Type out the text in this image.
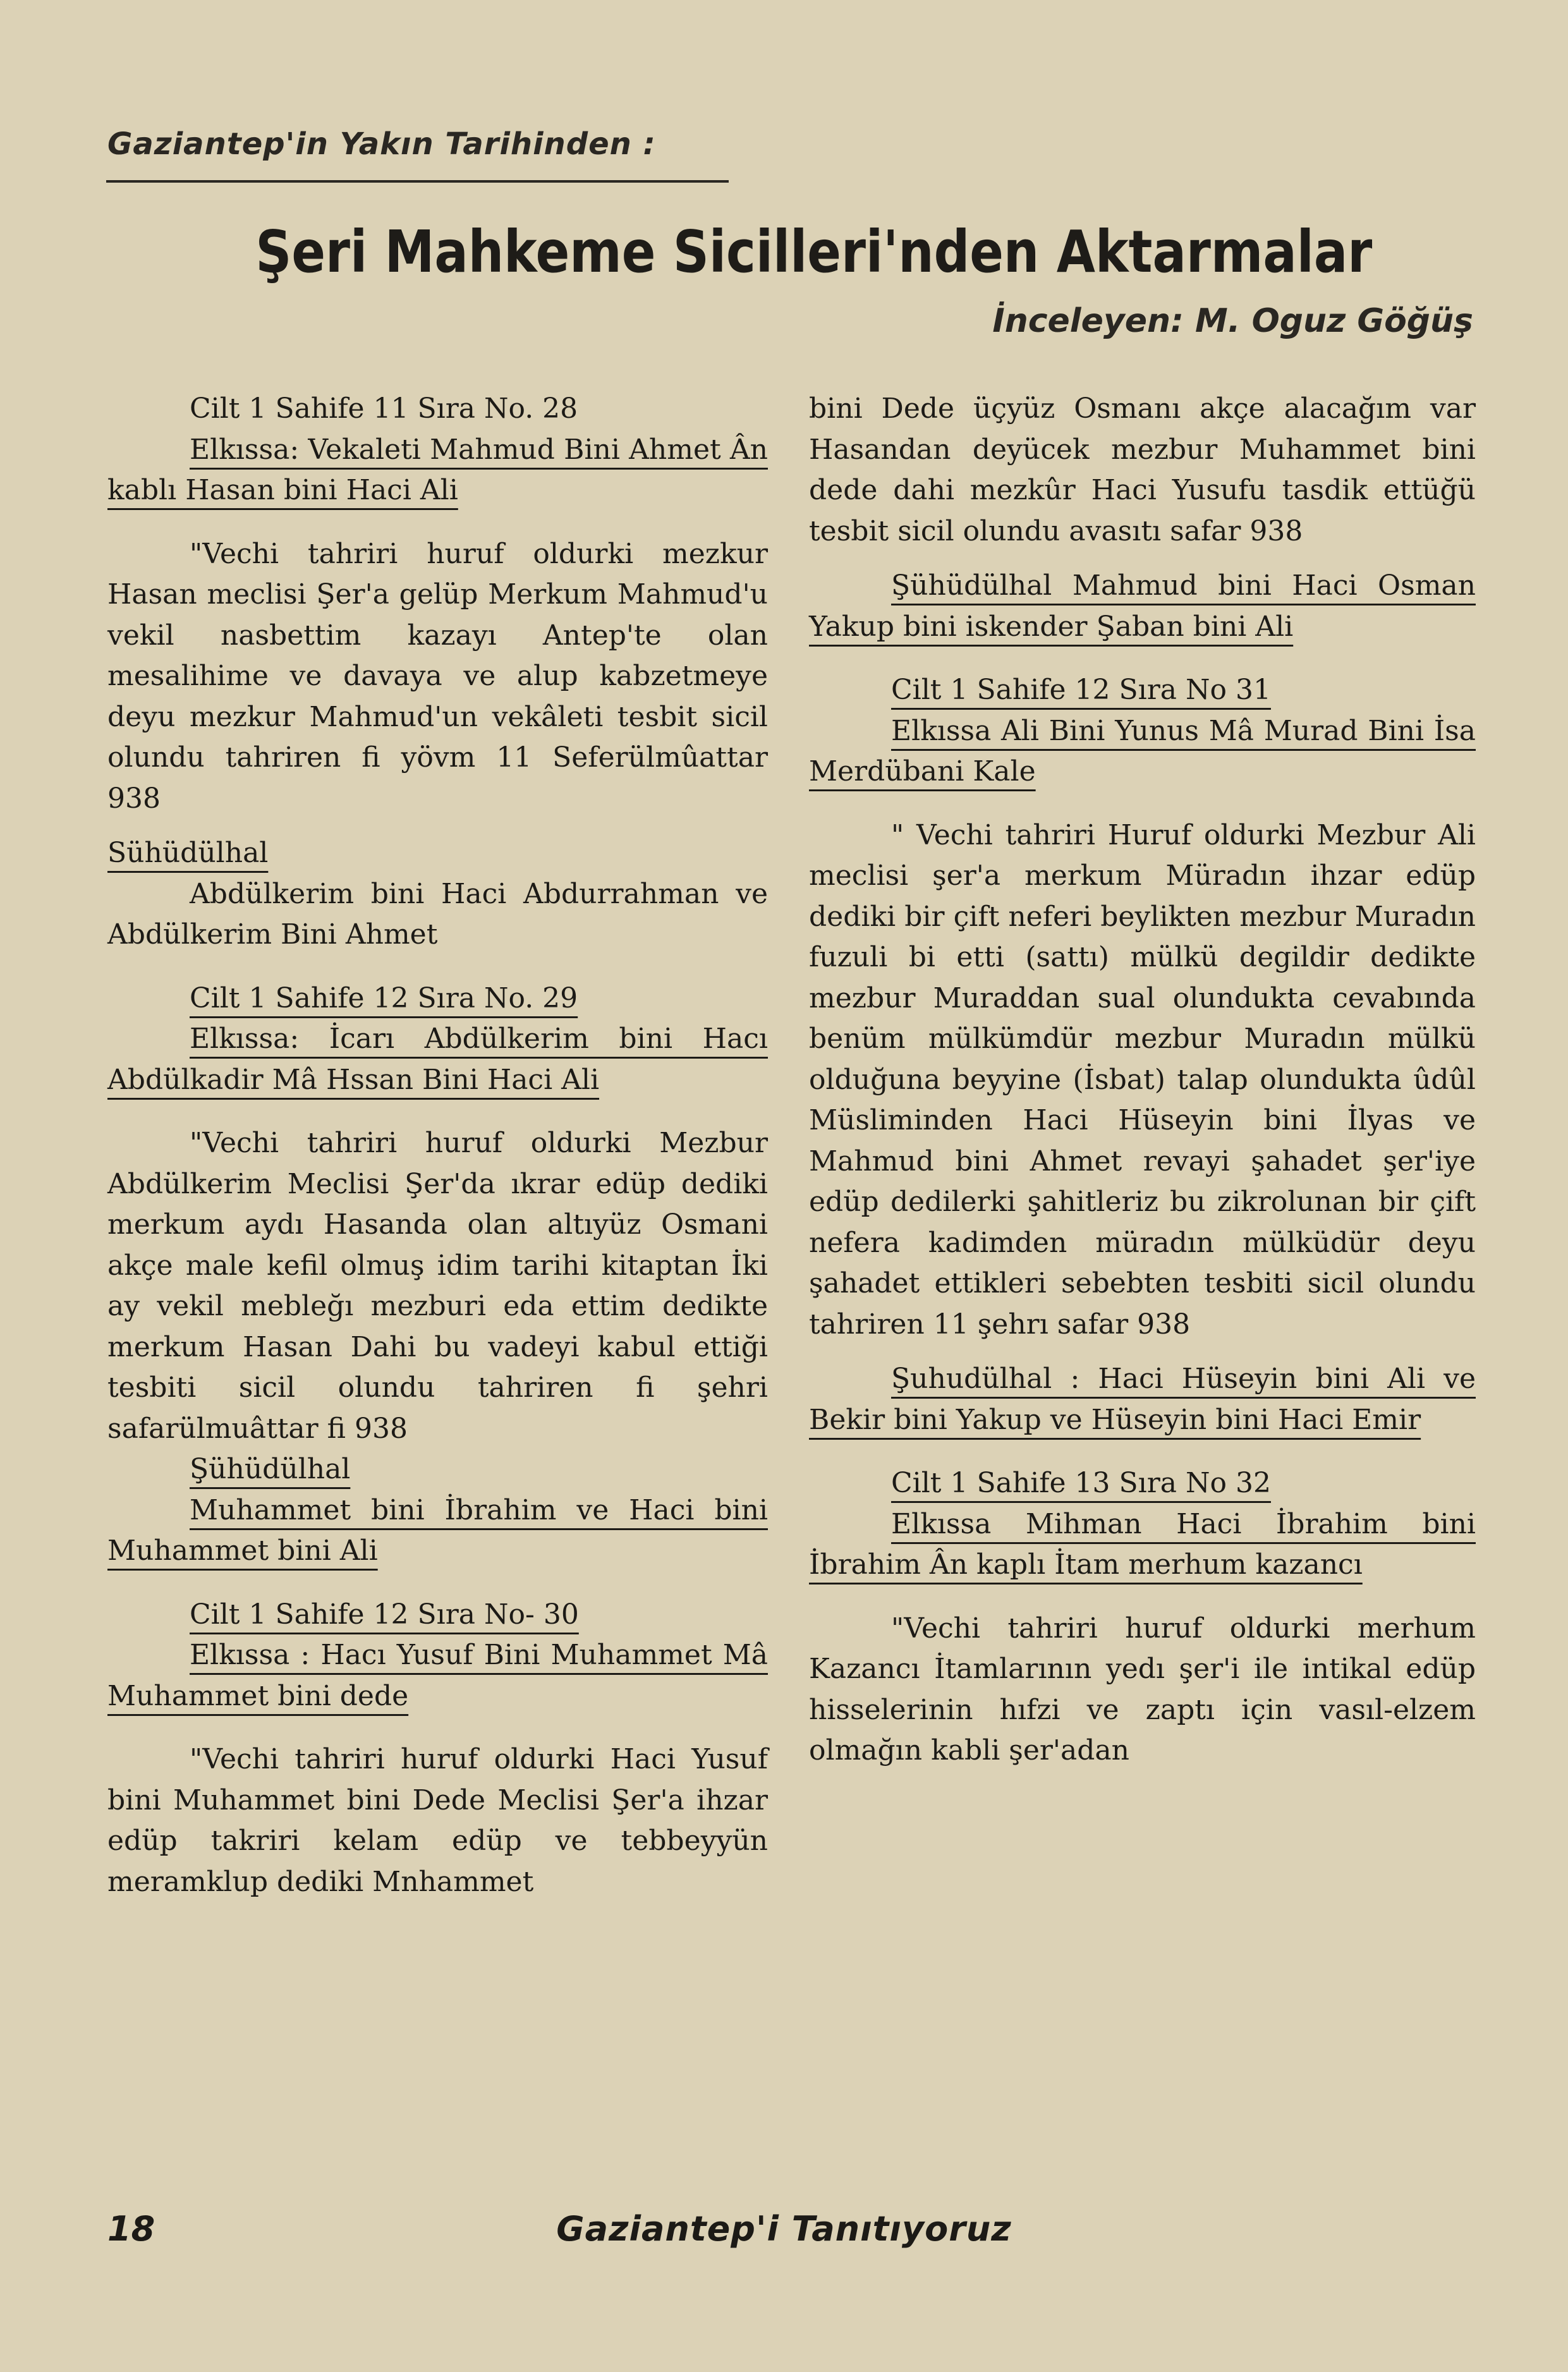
Gaziantep'in Yakın Tarihinden :
Şeri Mahkeme Sicilleri'nden Aktarmalar
İnceleyen: M. Oguz Göğüş

Cilt 1 Sahife 11 Sıra No. 28

Elkıssa: Vekaleti Mahmud Bini Ahmet Ân kablı Hasan bini Haci Ali

"Vechi tahriri huruf oldurki mezkur Hasan meclisi Şer'a gelüp Merkum Mahmud'u vekil nasbettim kazayı Antep'te olan mesalihime ve davaya ve alup kabzetmeye deyu mezkur Mahmud'un vekâleti tesbit sicil olundu tahriren fi yövm 11 Seferülmûattar 938

Sühüdülhal

Abdülkerim bini Haci Abdurrahman ve Abdülkerim Bini Ahmet

Cilt 1 Sahife 12 Sıra No. 29

Elkıssa: İcarı Abdülkerim bini Hacı Abdülkadir Mâ Hssan Bini Haci Ali

"Vechi tahriri huruf oldurki Mezbur Abdülkerim Meclisi Şer'da ıkrar edüp dediki merkum aydı Hasanda olan altıyüz Osmani akçe male kefil olmuş idim tarihi kitaptan İki ay vekil mebleğı mezburi eda ettim dedikte merkum Hasan Dahi bu vadeyi kabul ettiği tesbiti sicil olundu tahriren fi şehri safarülmuâttar fi 938

Şühüdülhal

Muhammet bini İbrahim ve Haci bini Muhammet bini Ali

Cilt 1 Sahife 12 Sıra No- 30

Elkıssa : Hacı Yusuf Bini Muhammet Mâ Muhammet bini dede

"Vechi tahriri huruf oldurki Haci Yusuf bini Muhammet bini Dede Meclisi Şer'a ihzar edüp takriri kelam edüp ve tebbeyyün meramklup dediki Mnhammet

bini Dede üçyüz Osmanı akçe alacağım var Hasandan deyücek mezbur Muhammet bini dede dahi mezkûr Haci Yusufu tasdik ettüğü tesbit sicil olundu avasıtı safar 938

Şühüdülhal Mahmud bini Haci Osman Yakup bini iskender Şaban bini Ali

Cilt 1 Sahife 12 Sıra No 31

Elkıssa Ali Bini Yunus Mâ Murad Bini İsa Merdübani Kale

" Vechi tahriri Huruf oldurki Mezbur Ali meclisi şer'a merkum Müradın ihzar edüp dediki bir çift neferi beylikten mezbur Muradın fuzuli bi etti (sattı) mülkü degildir dedikte mezbur Muraddan sual olundukta cevabında benüm mülkümdür mezbur Muradın mülkü olduğuna beyyine (İsbat) talap olundukta ûdûl Müsliminden Haci Hüseyin bini İlyas ve Mahmud bini Ahmet revayi şahadet şer'iye edüp dedilerki şahitleriz bu zikrolunan bir çift nefera kadimden müradın mülküdür deyu şahadet ettikleri sebebten tesbiti sicil olundu tahriren 11 şehrı safar 938

Şuhudülhal : Haci Hüseyin bini Ali ve Bekir bini Yakup ve Hüseyin bini Haci Emir

Cilt 1 Sahife 13 Sıra No 32

Elkıssa Mihman Haci İbrahim bini İbrahim Ân kaplı İtam merhum kazancı

"Vechi tahriri huruf oldurki merhum Kazancı İtamlarının yedı şer'i ile intikal edüp hisselerinin hıfzi ve zaptı için vasıl-elzem olmağın kabli şer'adan

18	Gaziantep'i Tanıtıyoruz
